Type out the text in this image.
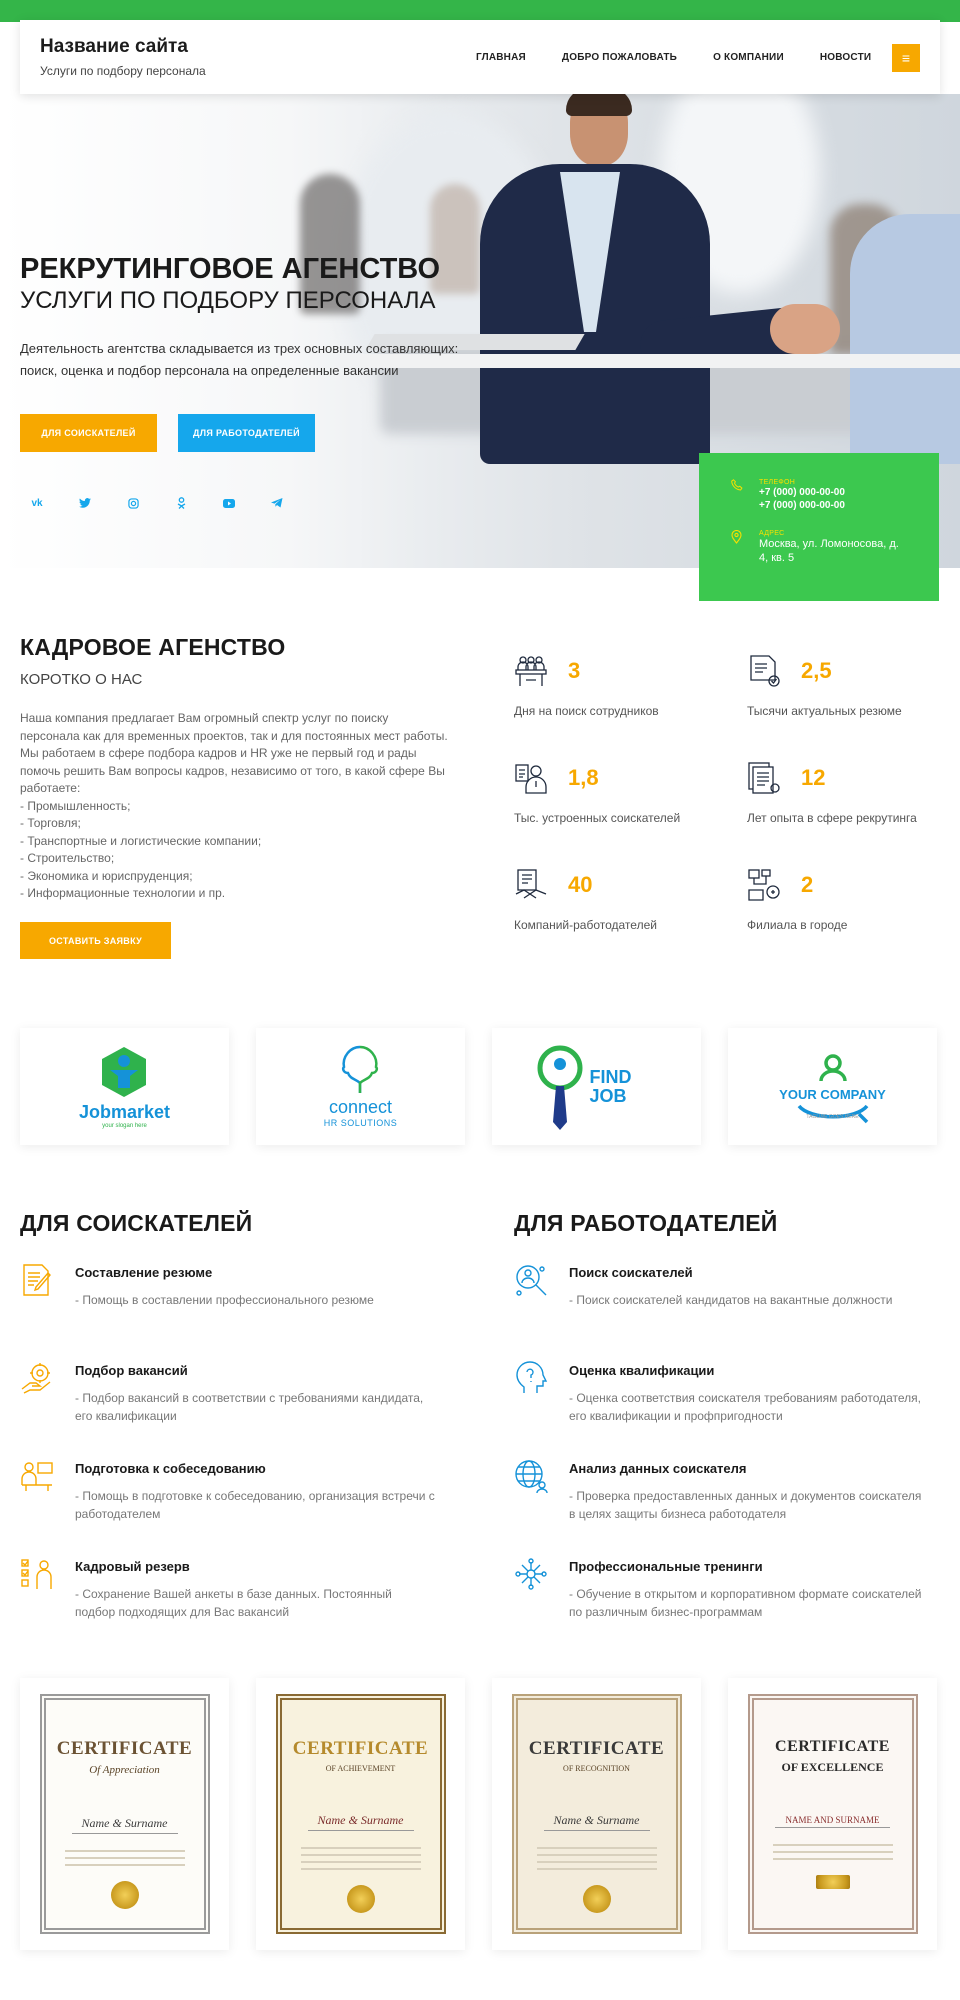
Название сайта
Услуги по подбору персонала
ГЛАВНАЯ	ДОБРО ПОЖАЛОВАТЬ	О КОМПАНИИ	НОВОСТИ	≡
РЕКРУТИНГОВОЕ АГЕНСТВО
УСЛУГИ ПО ПОДБОРУ ПЕРСОНАЛА
Деятельность агентства складывается из трех основных составляющих:
поиск, оценка и подбор персонала на определенные вакансии
ДЛЯ СОИСКАТЕЛЕЙ	ДЛЯ РАБОТОДАТЕЛЕЙ
vk
ТЕЛЕФОН
+7 (000) 000-00-00
+7 (000) 000-00-00
АДРЕС
Москва, ул. Ломоносова, д. 4, кв. 5
КАДРОВОЕ АГЕНСТВО
КОРОТКО О НАС
Наша компания предлагает Вам огромный спектр услуг по поиску персонала как для временных проектов, так и для постоянных мест работы. Мы работаем в сфере подбора кадров и HR уже не первый год и рады помочь решить Вам вопросы кадров, независимо от того, в какой сфере Вы работаете:
- Промышленность;
- Торговля;
- Транспортные и логистические компании;
- Строительство;
- Экономика и юриспруденция;
- Информационные технологии и пр.
ОСТАВИТЬ ЗАЯВКУ
3
Дня на поиск сотрудников
2,5
Тысячи актуальных резюме
1,8
Тыс. устроенных соискателей
12
Лет опыта в сфере рекрутинга
40
Компаний-работодателей
2
Филиала в городе
Jobmarket
your slogan here
connect
HR SOLUTIONS
FIND JOB	YOUR COMPANY
TAGLINE GOES HERE
ДЛЯ СОИСКАТЕЛЕЙ
Составление резюме
- Помощь в составлении профессионального резюме
Подбор вакансий
- Подбор вакансий в соответствии с требованиями кандидата, его квалификации
Подготовка к собеседованию
- Помощь в подготовке к собеседованию, организация встречи с работодателем
Кадровый резерв
- Сохранение Вашей анкеты в базе данных. Постоянный подбор подходящих для Вас вакансий
ДЛЯ РАБОТОДАТЕЛЕЙ
Поиск соискателей
- Поиск соискателей кандидатов на вакантные должности
Оценка квалификации
- Оценка соответствия соискателя требованиям работодателя, его квалификации и профпригодности
Анализ данных соискателя
- Проверка предоставленных данных и документов соискателя в целях защиты бизнеса работодателя
Профессиональные тренинги
- Обучение в открытом и корпоративном формате соискателей по различным бизнес-программам
CERTIFICATE
Of Appreciation
Name & Surname
CERTIFICATE
OF ACHIEVEMENT
Name & Surname
CERTIFICATE
OF RECOGNITION
Name & Surname
CERTIFICATE
OF EXCELLENCE
NAME AND SURNAME
